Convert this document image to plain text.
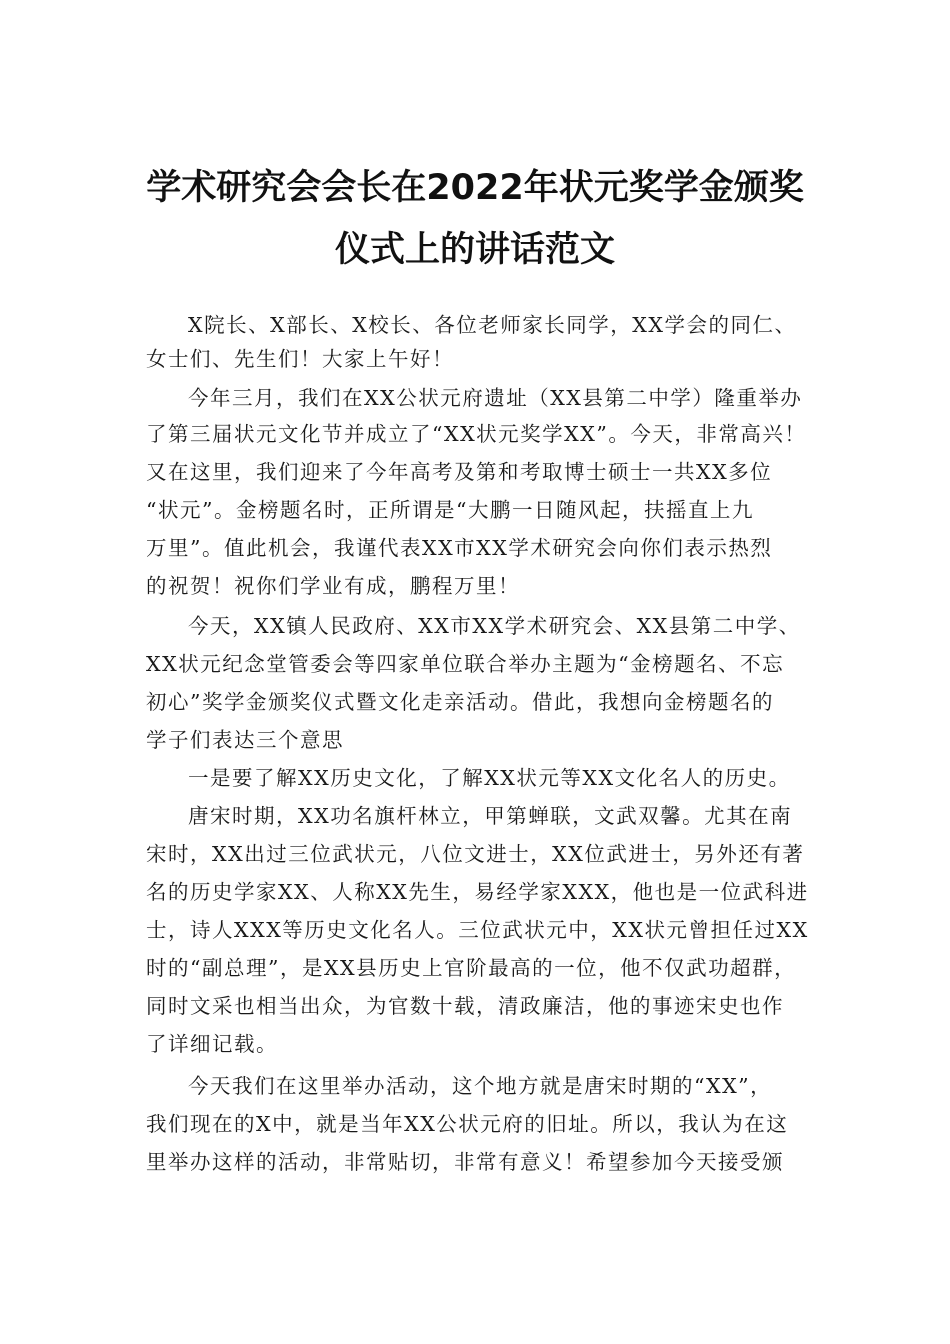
学术研究会会长在2022年状元奖学金颁奖
仪式上的讲话范文
X院长、X部长、X校长、各位老师家长同学，XX学会的同仁、
女士们、先生们！大家上午好！
今年三月，我们在XX公状元府遗址（XX县第二中学）隆重举办
了第三届状元文化节并成立了“XX状元奖学XX”。今天，非常高兴！
又在这里，我们迎来了今年高考及第和考取博士硕士一共XX多位
“状元”。金榜题名时，正所谓是“大鹏一日随风起，扶摇直上九
万里”。值此机会，我谨代表XX市XX学术研究会向你们表示热烈
的祝贺！祝你们学业有成，鹏程万里！
今天，XX镇人民政府、XX市XX学术研究会、XX县第二中学、
XX状元纪念堂管委会等四家单位联合举办主题为“金榜题名、不忘
初心”奖学金颁奖仪式暨文化走亲活动。借此，我想向金榜题名的
学子们表达三个意思
一是要了解XX历史文化，了解XX状元等XX文化名人的历史。
唐宋时期，XX功名旗杆林立，甲第蝉联，文武双馨。尤其在南
宋时，XX出过三位武状元，八位文进士，XX位武进士，另外还有著
名的历史学家XX、人称XX先生，易经学家XXX，他也是一位武科进
士，诗人XXX等历史文化名人。三位武状元中，XX状元曾担任过XX
时的“副总理”，是XX县历史上官阶最高的一位，他不仅武功超群，
同时文采也相当出众，为官数十载，清政廉洁，他的事迹宋史也作
了详细记载。
今天我们在这里举办活动，这个地方就是唐宋时期的“XX”，
我们现在的X中，就是当年XX公状元府的旧址。所以，我认为在这
里举办这样的活动，非常贴切，非常有意义！希望参加今天接受颁
